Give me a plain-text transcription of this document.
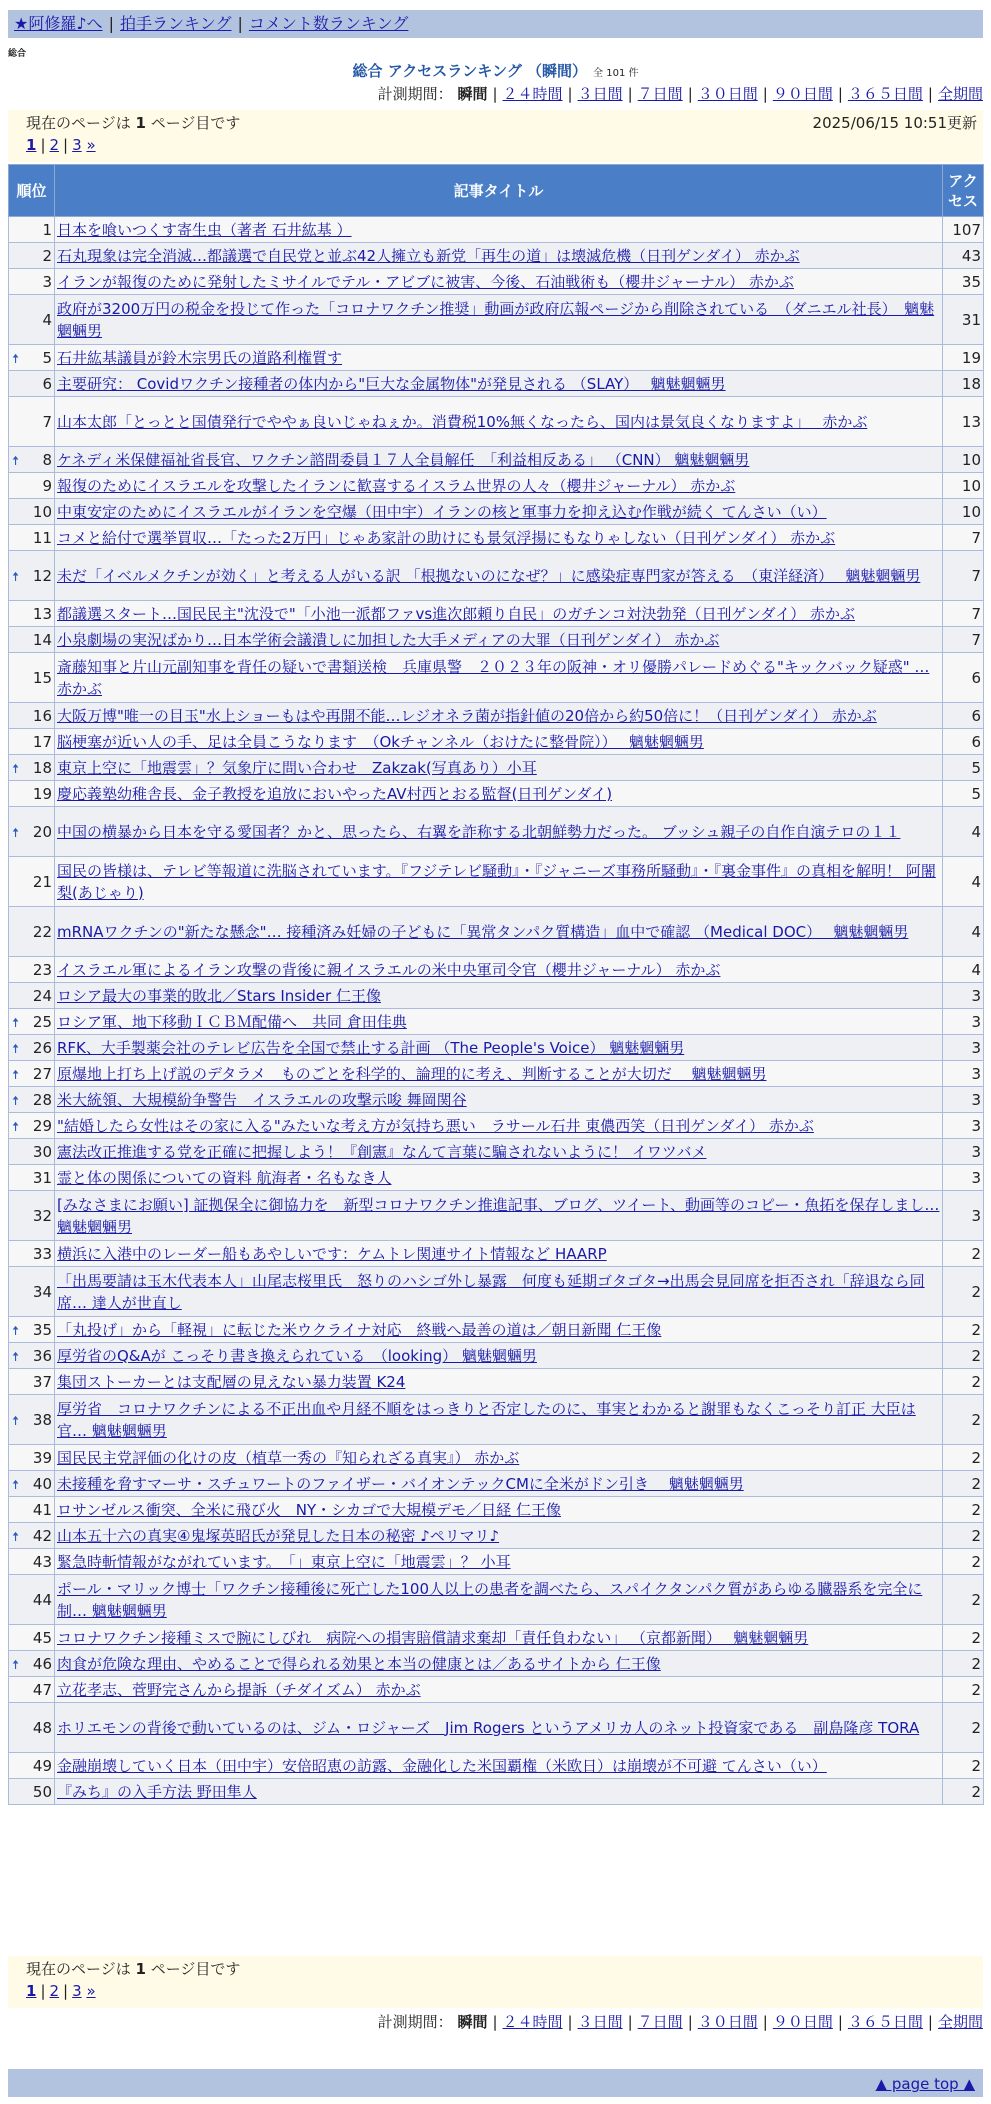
★阿修羅♪へ | 拍手ランキング | コメント数ランキング
総合
総合 アクセスランキング （瞬間） 全 101 件
計測期間： 瞬間 | ２４時間 | ３日間 | ７日間 | ３０日間 | ９０日間 | ３６５日間 | 全期間
現在のページは 1 ページ目です	2025/06/15 10:51更新
1 | 2 | 3 »
順位	記事タイトル	アクセス
1	日本を喰いつくす寄生虫（著者 石井紘基 ）	107
2	石丸現象は完全消滅…都議選で自民党と並ぶ42人擁立も新党「再生の道」は壊滅危機（日刊ゲンダイ） 赤かぶ	43
3	イランが報復のために発射したミサイルでテル・アビブに被害、今後、石油戦術も（櫻井ジャーナル） 赤かぶ	35
4	政府が3200万円の税金を投じて作った「コロナワクチン推奨」動画が政府広報ページから削除されている　（ダニエル社長）　魑魅魍魎男	31

🠅 5	石井紘基議員が鈴木宗男氏の道路利権質す	19
6	主要研究： Covidワクチン接種者の体内から"巨大な金属物体"が発見される （SLAY）　 魑魅魍魎男	18
7	山本太郎「とっとと国債発行でややぁ良いじゃねぇか。消費税10%無くなったら、国内は景気良くなりますよ」　 赤かぶ	13

🠅 8	ケネディ米保健福祉省長官、ワクチン諮問委員１７人全員解任　「利益相反ある」 （CNN） 魑魅魍魎男	10
9	報復のためにイスラエルを攻撃したイランに歓喜するイスラム世界の人々（櫻井ジャーナル） 赤かぶ	10
10	中東安定のためにイスラエルがイランを空爆（田中宇）イランの核と軍事力を抑え込む作戦が続く てんさい（い）	10
11	コメと給付で選挙買収…「たった2万円」じゃあ家計の助けにも景気浮揚にもなりゃしない（日刊ゲンダイ） 赤かぶ	7

🠅 12	未だ「イベルメクチンが効く」と考える人がいる訳 「根拠ないのになぜ？」に感染症専門家が答える　（東洋経済）　 魑魅魍魎男	7
13	都議選スタート…国民民主"沈没で"「小池一派都ファvs進次郎頼り自民」のガチンコ対決勃発（日刊ゲンダイ） 赤かぶ	7
14	小泉劇場の実況ばかり…日本学術会議潰しに加担した大手メディアの大罪（日刊ゲンダイ） 赤かぶ	7
15	斎藤知事と片山元副知事を背任の疑いで書類送検　兵庫県警　２０２３年の阪神・オリ優勝パレードめぐる"キックバック疑惑" … 赤かぶ	6
16	大阪万博"唯一の目玉"水上ショーもはや再開不能…レジオネラ菌が指針値の20倍から約50倍に！（日刊ゲンダイ） 赤かぶ	6
17	脳梗塞が近い人の手、足は全員こうなります　（Okチャンネル（おけたに整骨院））　 魑魅魍魎男	6

🠅 18	東京上空に「地震雲」？気象庁に問い合わせ　Zakzak(写真あり）小耳	5
19	慶応義塾幼稚舎長、金子教授を追放においやったAV村西とおる監督(日刊ゲンダイ)	5

🠅 20	中国の横暴から日本を守る愛国者？かと、思ったら、右翼を詐称する北朝鮮勢力だった。 ブッシュ親子の自作自演テロの１１	4
21	国民の皆様は、テレビ等報道に洗脳されています。『フジテレビ騒動』・『ジャニーズ事務所騒動』・『裏金事件』の真相を解明！ 阿闍梨(あじゃり)	4
22	mRNAワクチンの"新たな懸念"… 接種済み妊婦の子どもに「異常タンパク質構造」血中で確認 （Medical DOC）　 魑魅魍魎男	4
23	イスラエル軍によるイラン攻撃の背後に親イスラエルの米中央軍司令官（櫻井ジャーナル） 赤かぶ	4
24	ロシア最大の事業的敗北／Stars Insider 仁王像	3

🠅 25	ロシア軍、地下移動ＩＣＢＭ配備へ　共同 倉田佳典	3

🠅 26	RFK、大手製薬会社のテレビ広告を全国で禁止する計画 （The People's Voice） 魑魅魍魎男	3

🠅 27	原爆地上打ち上げ説のデタラメ　ものごとを科学的、論理的に考え、判断することが大切だ　 魑魅魍魎男	3

🠅 28	米大統領、大規模紛争警告　イスラエルの攻撃示唆 舞岡関谷	3

🠅 29	"結婚したら女性はその家に入る"みたいな考え方が気持ち悪い　ラサール石井 東儂西笑（日刊ゲンダイ） 赤かぶ	3
30	憲法改正推進する党を正確に把握しよう！『創憲』なんて言葉に騙されないように！ イワツバメ	3
31	霊と体の関係についての資料 航海者・名もなき人	3
32	[みなさまにお願い] 証拠保全に御協力を　新型コロナワクチン推進記事、ブログ、ツイート、動画等のコピー・魚拓を保存しまし… 魑魅魍魎男	3
33	横浜に入港中のレーダー船もあやしいです：ケムトレ関連サイト情報など HAARP	2
34	「出馬要請は玉木代表本人」山尾志桜里氏　怒りのハシゴ外し暴露　何度も延期ゴタゴタ→出馬会見同席を拒否され「辞退なら同席… 達人が世直し	2

🠅 35	「丸投げ」から「軽視」に転じた米ウクライナ対応　終戦へ最善の道は／朝日新聞 仁王像	2

🠅 36	厚労省のQ&Aが こっそり書き換えられている　（looking） 魑魅魍魎男	2
37	集団ストーカーとは支配層の見えない暴力装置 K24	2

🠅 38	厚労省　コロナワクチンによる不正出血や月経不順をはっきりと否定したのに、事実とわかると謝罪もなくこっそり訂正 大臣は官… 魑魅魍魎男	2
39	国民民主党評価の化けの皮（植草一秀の『知られざる真実』） 赤かぶ	2

🠅 40	未接種を脅すマーサ・スチュワートのファイザー・バイオンテックCMに全米がドン引き　 魑魅魍魎男	2
41	ロサンゼルス衝突、全米に飛び火　NY・シカゴで大規模デモ／日経 仁王像	2

🠅 42	山本五十六の真実④鬼塚英昭氏が発見した日本の秘密 ♪ペリマリ♪	2
43	緊急時斬情報がながれています。　「」東京上空に「地震雲」？ 小耳	2
44	ポール・マリック博士「ワクチン接種後に死亡した100人以上の患者を調べたら、スパイクタンパク質があらゆる臓器系を完全に制… 魑魅魍魎男	2
45	コロナワクチン接種ミスで腕にしびれ　病院への損害賠償請求棄却「責任負わない」 （京都新聞）　 魑魅魍魎男	2

🠅 46	肉食が危険な理由、やめることで得られる効果と本当の健康とは／あるサイトから 仁王像	2
47	立花孝志、菅野完さんから提訴（チダイズム） 赤かぶ	2
48	ホリエモンの背後で動いているのは、ジム・ロジャーズ　Jim Rogers というアメリカ人のネット投資家である　副島隆彦 TORA	2
49	金融崩壊していく日本（田中宇）安倍昭恵の訪露、金融化した米国覇権（米欧日）は崩壊が不可避 てんさい（い）	2
50	『みち』の入手方法 野田隼人	2
現在のページは 1 ページ目です
1 | 2 | 3 »
計測期間： 瞬間 | ２４時間 | ３日間 | ７日間 | ３０日間 | ９０日間 | ３６５日間 | 全期間
▲ page top ▲
